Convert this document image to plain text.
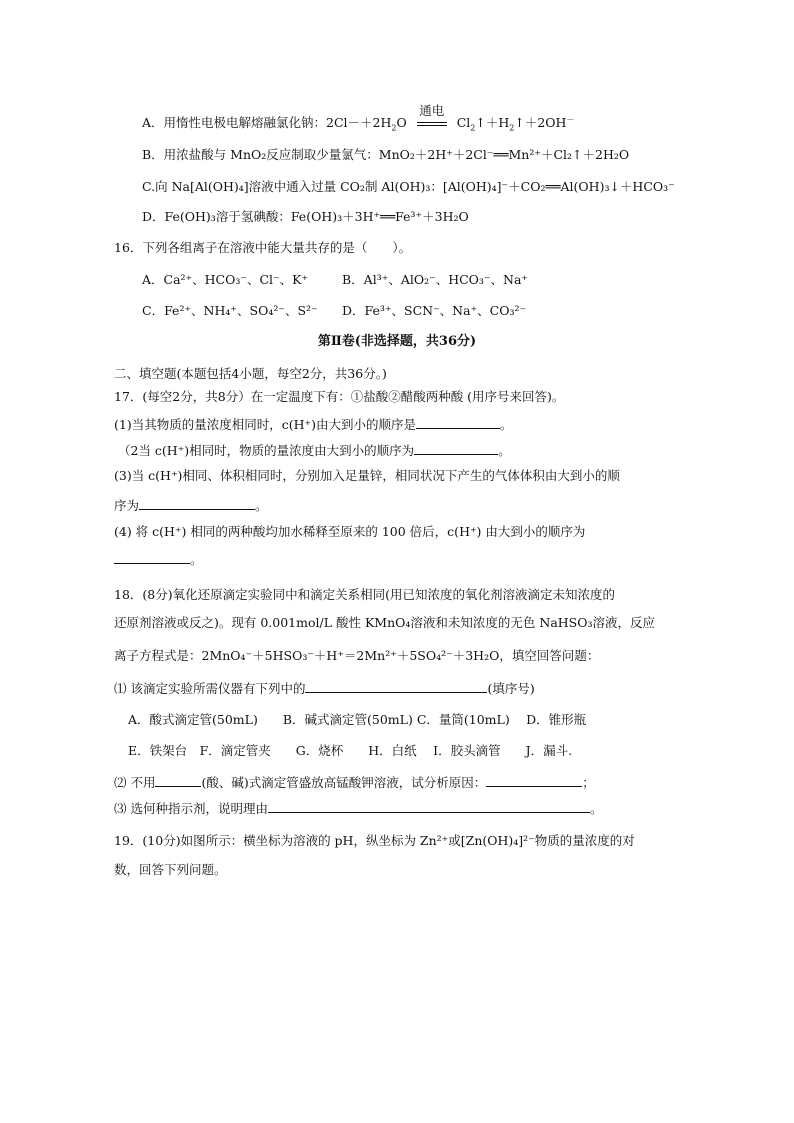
A．用惰性电极电解熔融氯化钠：$2Cl-+2H_2O$
通电
$Cl_2↑+H_2↑+2OH^-$
B．用浓盐酸与 MnO₂反应制取少量氯气：MnO₂＋2H⁺＋2Cl⁻══Mn²⁺＋Cl₂↑＋2H₂O
C.向 Na[Al(OH)₄]溶液中通入过量 CO₂制 Al(OH)₃：[Al(OH)₄]⁻＋CO₂══Al(OH)₃↓＋HCO₃⁻
D．Fe(OH)₃溶于氢碘酸：Fe(OH)₃＋3H⁺══Fe³⁺＋3H₂O
16．下列各组离子在溶液中能大量共存的是（　　）。
A．Ca²⁺、HCO₃⁻、Cl⁻、K⁺	B．Al³⁺、AlO₂⁻、HCO₃⁻、Na⁺
C．Fe²⁺、NH₄⁺、SO₄²⁻、S²⁻ D．Fe³⁺、SCN⁻、Na⁺、CO₃²⁻
第Ⅱ卷(非选择题，共36分)
二、填空题(本题包括4小题，每空2分，共36分。)
17．(每空2分，共8分）在一定温度下有：①盐酸②醋酸两种酸 (用序号来回答)。
(1)当其物质的量浓度相同时，c(H⁺)由大到小的顺序是	。
（2当 c(H⁺)相同时，物质的量浓度由大到小的顺序为	。
(3)当 c(H⁺)相同、体积相同时，分别加入足量锌，相同状况下产生的气体体积由大到小的顺
序为	。
(4) 将 c(H⁺) 相同的两种酸均加水稀释至原来的 100 倍后，c(H⁺) 由大到小的顺序为
。
18．(8分)氧化还原滴定实验同中和滴定关系相同(用已知浓度的氧化剂溶液滴定未知浓度的
还原剂溶液或反之)。现有 0.001mol/L 酸性 KMnO₄溶液和未知浓度的无色 NaHSO₃溶液，反应
离子方程式是：2MnO₄⁻＋5HSO₃⁻＋H⁺＝2Mn²⁺＋5SO₄²⁻＋3H₂O，填空回答问题：
⑴ 该滴定实验所需仪器有下列中的	(填序号)
A．酸式滴定管(50mL)　　B．碱式滴定管(50mL) C．量筒(10mL)　 D．锥形瓶
E．铁架台　F．滴定管夹　　G．烧杯　　H．白纸　 I．胶头滴管　　J．漏斗.
⑵ 不用	(酸、碱)式滴定管盛放高锰酸钾溶液，试分析原因：	；
⑶ 选何种指示剂，说明理由	。
19．(10分)如图所示：横坐标为溶液的 pH，纵坐标为 Zn²⁺或[Zn(OH)₄]²⁻物质的量浓度的对
数，回答下列问题。
